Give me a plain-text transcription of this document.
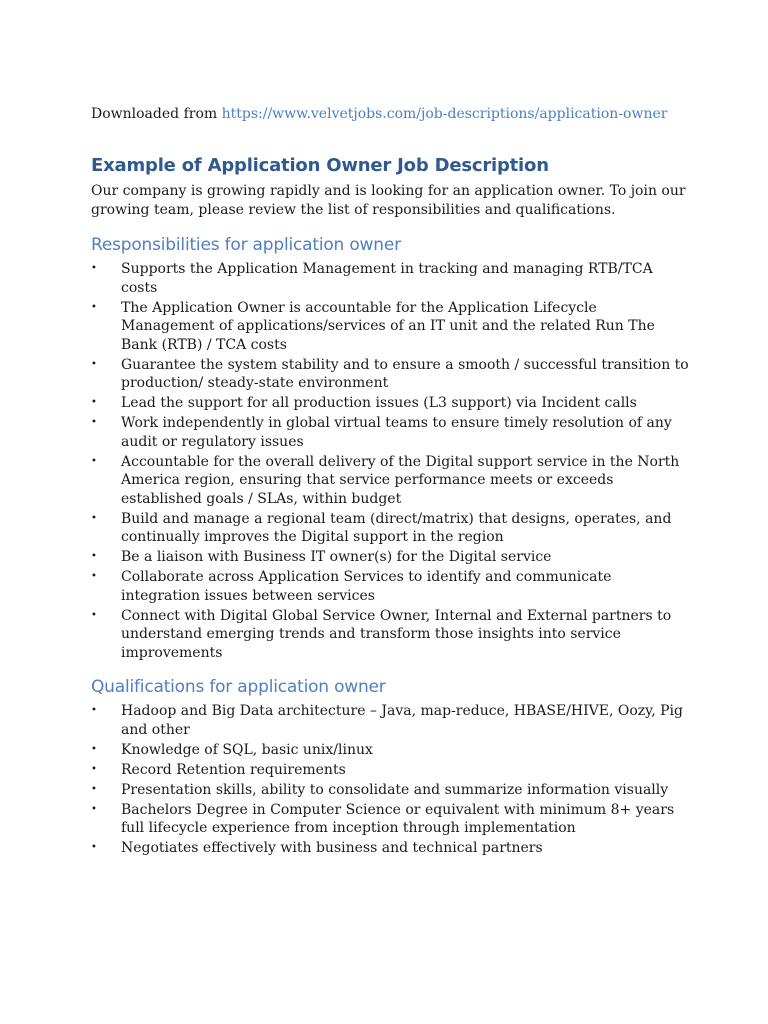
Downloaded from https://www.velvetjobs.com/job-descriptions/application-owner

Example of Application Owner Job Description

Our company is growing rapidly and is looking for an application owner. To join our growing team, please review the list of responsibilities and qualifications.

Responsibilities for application owner
• Supports the Application Management in tracking and managing RTB/TCA costs
• The Application Owner is accountable for the Application Lifecycle Management of applications/services of an IT unit and the related Run The Bank (RTB) / TCA costs
• Guarantee the system stability and to ensure a smooth / successful transition to production/ steady-state environment
• Lead the support for all production issues (L3 support) via Incident calls
• Work independently in global virtual teams to ensure timely resolution of any audit or regulatory issues
• Accountable for the overall delivery of the Digital support service in the North America region, ensuring that service performance meets or exceeds established goals / SLAs, within budget
• Build and manage a regional team (direct/matrix) that designs, operates, and continually improves the Digital support in the region
• Be a liaison with Business IT owner(s) for the Digital service
• Collaborate across Application Services to identify and communicate integration issues between services
• Connect with Digital Global Service Owner, Internal and External partners to understand emerging trends and transform those insights into service improvements
Qualifications for application owner
• Hadoop and Big Data architecture – Java, map-reduce, HBASE/HIVE, Oozy, Pig and other
• Knowledge of SQL, basic unix/linux
• Record Retention requirements
• Presentation skills, ability to consolidate and summarize information visually
• Bachelors Degree in Computer Science or equivalent with minimum 8+ years full lifecycle experience from inception through implementation
• Negotiates effectively with business and technical partners
